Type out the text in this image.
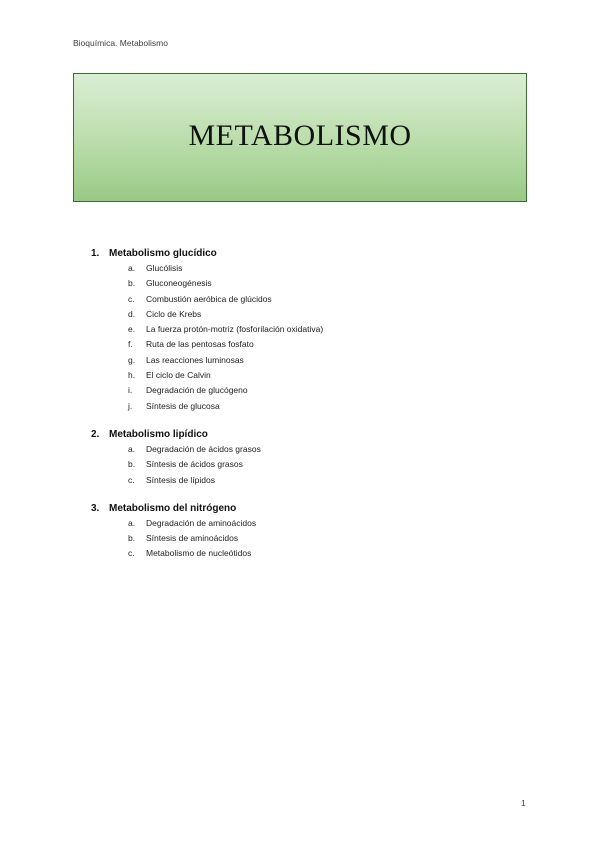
Bioquímica. Metabolismo
METABOLISMO
1. Metabolismo glucídico
a.	Glucólisis
b.	Gluconeogénesis
c.	Combustión aeróbica de glúcidos
d.	Ciclo de Krebs
e.	La fuerza protón-motriz (fosforilación oxidativa)
f.	Ruta de las pentosas fosfato
g.	Las reacciones luminosas
h.	El ciclo de Calvin
i.	Degradación de glucógeno
j.	Síntesis de glucosa
2. Metabolismo lipídico
a.	Degradación de ácidos grasos
b.	Síntesis de ácidos grasos
c.	Síntesis de lípidos
3. Metabolismo del nitrógeno
a.	Degradación de aminoácidos
b.	Síntesis de aminoácidos
c.	Metabolismo de nucleótidos
1
